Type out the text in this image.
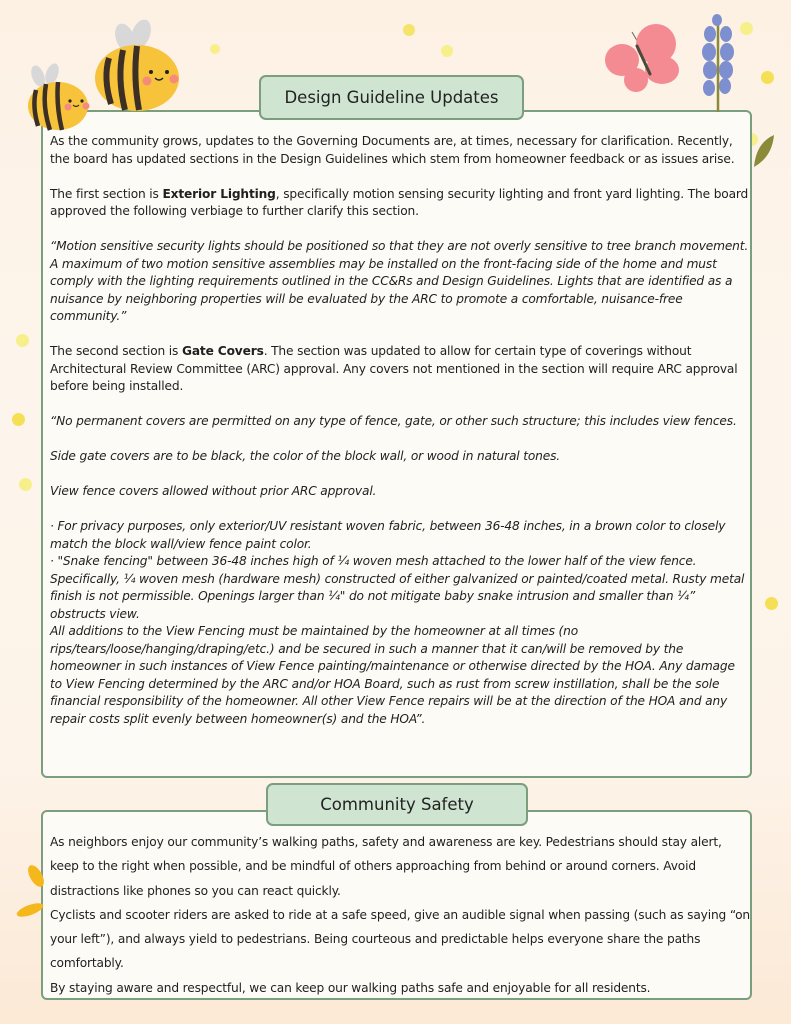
Design Guideline Updates

As the community grows, updates to the Governing Documents are, at times, necessary for clarification. Recently, the board has updated sections in the Design Guidelines which stem from homeowner feedback or as issues arise.

The first section is Exterior Lighting, specifically motion sensing security lighting and front yard lighting. The board approved the following verbiage to further clarify this section.

“Motion sensitive security lights should be positioned so that they are not overly sensitive to tree branch movement. A maximum of two motion sensitive assemblies may be installed on the front-facing side of the home and must comply with the lighting requirements outlined in the CC&Rs and Design Guidelines. Lights that are identified as a nuisance by neighboring properties will be evaluated by the ARC to promote a comfortable, nuisance-free community.”

The second section is Gate Covers. The section was updated to allow for certain type of coverings without Architectural Review Committee (ARC) approval. Any covers not mentioned in the section will require ARC approval before being installed.

“No permanent covers are permitted on any type of fence, gate, or other such structure; this includes view fences.

Side gate covers are to be black, the color of the block wall, or wood in natural tones.

View fence covers allowed without prior ARC approval.

· For privacy purposes, only exterior/UV resistant woven fabric, between 36-48 inches, in a brown color to closely match the block wall/view fence paint color.

· "Snake fencing" between 36-48 inches high of ¼ woven mesh attached to the lower half of the view fence. Specifically, ¼ woven mesh (hardware mesh) constructed of either galvanized or painted/coated metal. Rusty metal finish is not permissible. Openings larger than ¼" do not mitigate baby snake intrusion and smaller than ¼” obstructs view.

All additions to the View Fencing must be maintained by the homeowner at all times (no rips/tears/loose/hanging/draping/etc.) and be secured in such a manner that it can/will be removed by the homeowner in such instances of View Fence painting/maintenance or otherwise directed by the HOA. Any damage to View Fencing determined by the ARC and/or HOA Board, such as rust from screw instillation, shall be the sole financial responsibility of the homeowner. All other View Fence repairs will be at the direction of the HOA and any repair costs split evenly between homeowner(s) and the HOA”.

Community Safety

As neighbors enjoy our community’s walking paths, safety and awareness are key. Pedestrians should stay alert, keep to the right when possible, and be mindful of others approaching from behind or around corners. Avoid distractions like phones so you can react quickly.

Cyclists and scooter riders are asked to ride at a safe speed, give an audible signal when passing (such as saying “on your left”), and always yield to pedestrians. Being courteous and predictable helps everyone share the paths comfortably.

By staying aware and respectful, we can keep our walking paths safe and enjoyable for all residents.
